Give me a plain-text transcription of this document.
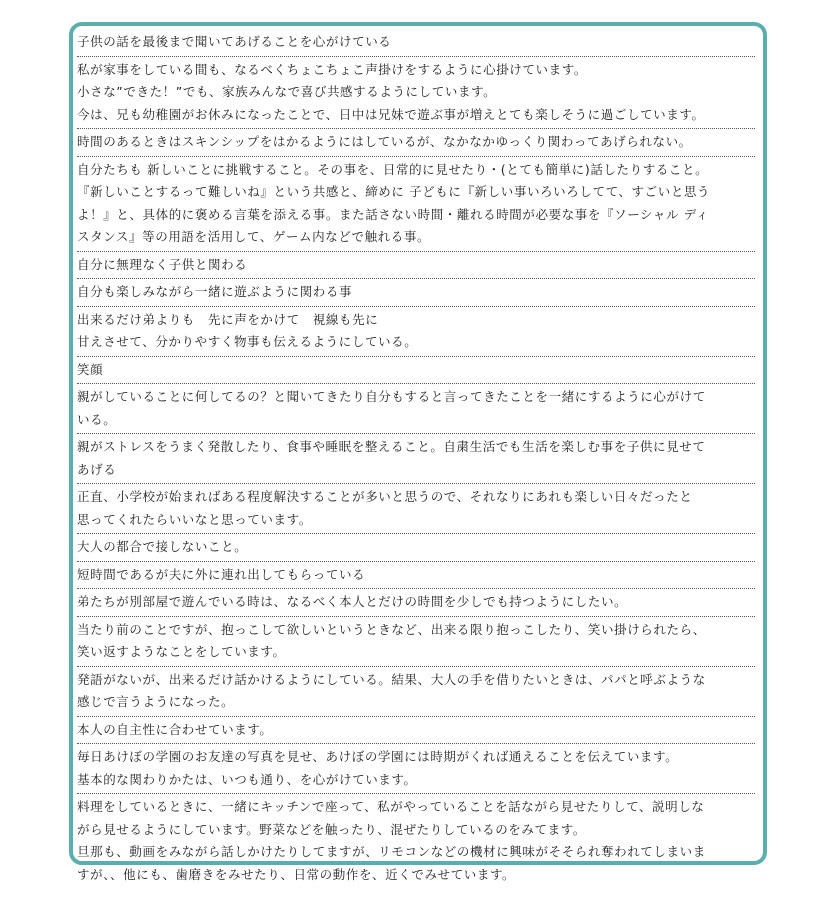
子供の話を最後まで聞いてあげることを心がけている
私が家事をしている間も、なるべくちょこちょこ声掛けをするように心掛けています。
小さな”できた！”でも、家族みんなで喜び共感するようにしています。
今は、兄も幼稚園がお休みになったことで、日中は兄妹で遊ぶ事が増えとても楽しそうに過ごしています。
時間のあるときはスキンシップをはかるようにはしているが、なかなかゆっくり関わってあげられない。
自分たちも 新しいことに挑戦すること。その事を、日常的に見せたり・(とても簡単に)話したりすること。
『新しいことするって難しいね』という共感と、締めに 子どもに『新しい事いろいろしてて、すごいと思う
よ！』と、具体的に褒める言葉を添える事。また話さない時間・離れる時間が必要な事を『ソーシャル ディ
スタンス』等の用語を活用して、ゲーム内などで触れる事。
自分に無理なく子供と関わる
自分も楽しみながら一緒に遊ぶように関わる事
出来るだけ弟よりも　先に声をかけて　視線も先に
甘えさせて、分かりやすく物事も伝えるようにしている。
笑顔
親がしていることに何してるの？と聞いてきたり自分もすると言ってきたことを一緒にするように心がけて
いる。
親がストレスをうまく発散したり、食事や睡眠を整えること。自粛生活でも生活を楽しむ事を子供に見せて
あげる
正直、小学校が始まればある程度解決することが多いと思うので、それなりにあれも楽しい日々だったと
思ってくれたらいいなと思っています。
大人の都合で接しないこと。
短時間であるが夫に外に連れ出してもらっている
弟たちが別部屋で遊んでいる時は、なるべく本人とだけの時間を少しでも持つようにしたい。
当たり前のことですが、抱っこして欲しいというときなど、出来る限り抱っこしたり、笑い掛けられたら、
笑い返すようなことをしています。
発語がないが、出来るだけ話かけるようにしている。結果、大人の手を借りたいときは、パパと呼ぶような
感じで言うようになった。
本人の自主性に合わせています。
毎日あけぼの学園のお友達の写真を見せ、あけぼの学園には時期がくれば通えることを伝えています。
基本的な関わりかたは、いつも通り、を心がけています。
料理をしているときに、一緒にキッチンで座って、私がやっていることを話ながら見せたりして、説明しな
がら見せるようにしています。野菜などを触ったり、混ぜたりしているのをみてます。
旦那も、動画をみながら話しかけたりしてますが、リモコンなどの機材に興味がそそられ奪われてしまいま
すが、、他にも、歯磨きをみせたり、日常の動作を、近くでみせています。
